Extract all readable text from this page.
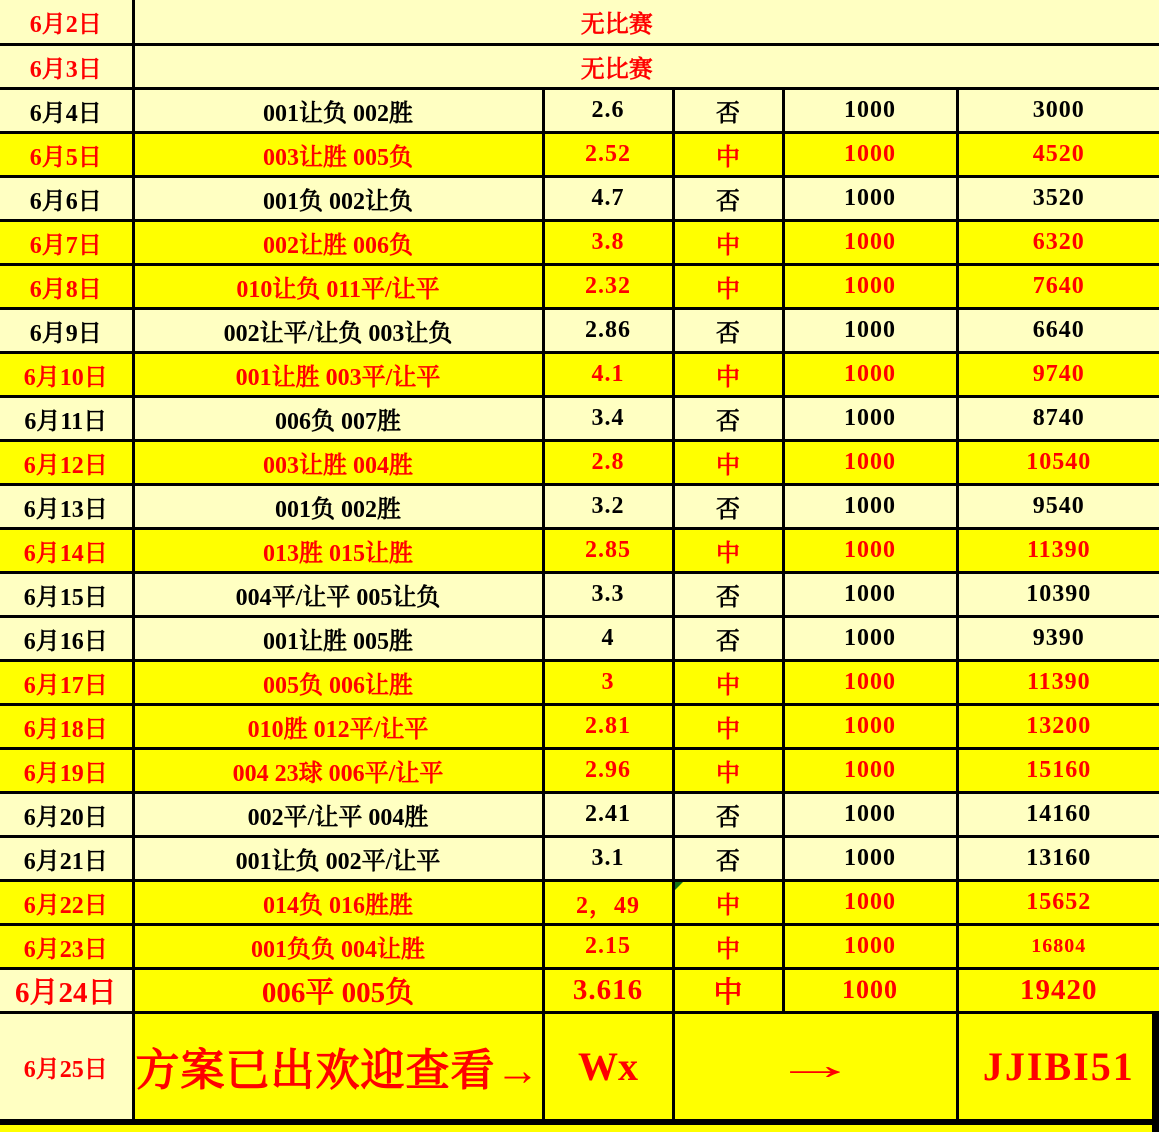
6月2日	无比赛				
6月3日	无比赛				
6月4日	001让负 002胜	2.6	否	1000	3000
6月5日	003让胜 005负	2.52	中	1000	4520
6月6日	001负 002让负	4.7	否	1000	3520
6月7日	002让胜 006负	3.8	中	1000	6320
6月8日	010让负 011平/让平	2.32	中	1000	7640
6月9日	002让平/让负 003让负	2.86	否	1000	6640
6月10日	001让胜 003平/让平	4.1	中	1000	9740
6月11日	006负 007胜	3.4	否	1000	8740
6月12日	003让胜 004胜	2.8	中	1000	10540
6月13日	001负 002胜	3.2	否	1000	9540
6月14日	013胜 015让胜	2.85	中	1000	11390
6月15日	004平/让平 005让负	3.3	否	1000	10390
6月16日	001让胜 005胜	4	否	1000	9390
6月17日	005负 006让胜	3	中	1000	11390
6月18日	010胜 012平/让平	2.81	中	1000	13200
6月19日	004 23球 006平/让平	2.96	中	1000	15160
6月20日	002平/让平 004胜	2.41	否	1000	14160
6月21日	001让负 002平/让平	3.1	否	1000	13160
6月22日	014负 016胜胜	2，49	中	1000	15652
6月23日	001负负 004让胜	2.15	中	1000	16804
6月24日	006平 005负	3.616	中	1000	19420
6月25日	方案已出欢迎查看→	Wx	→		JJIBI51
